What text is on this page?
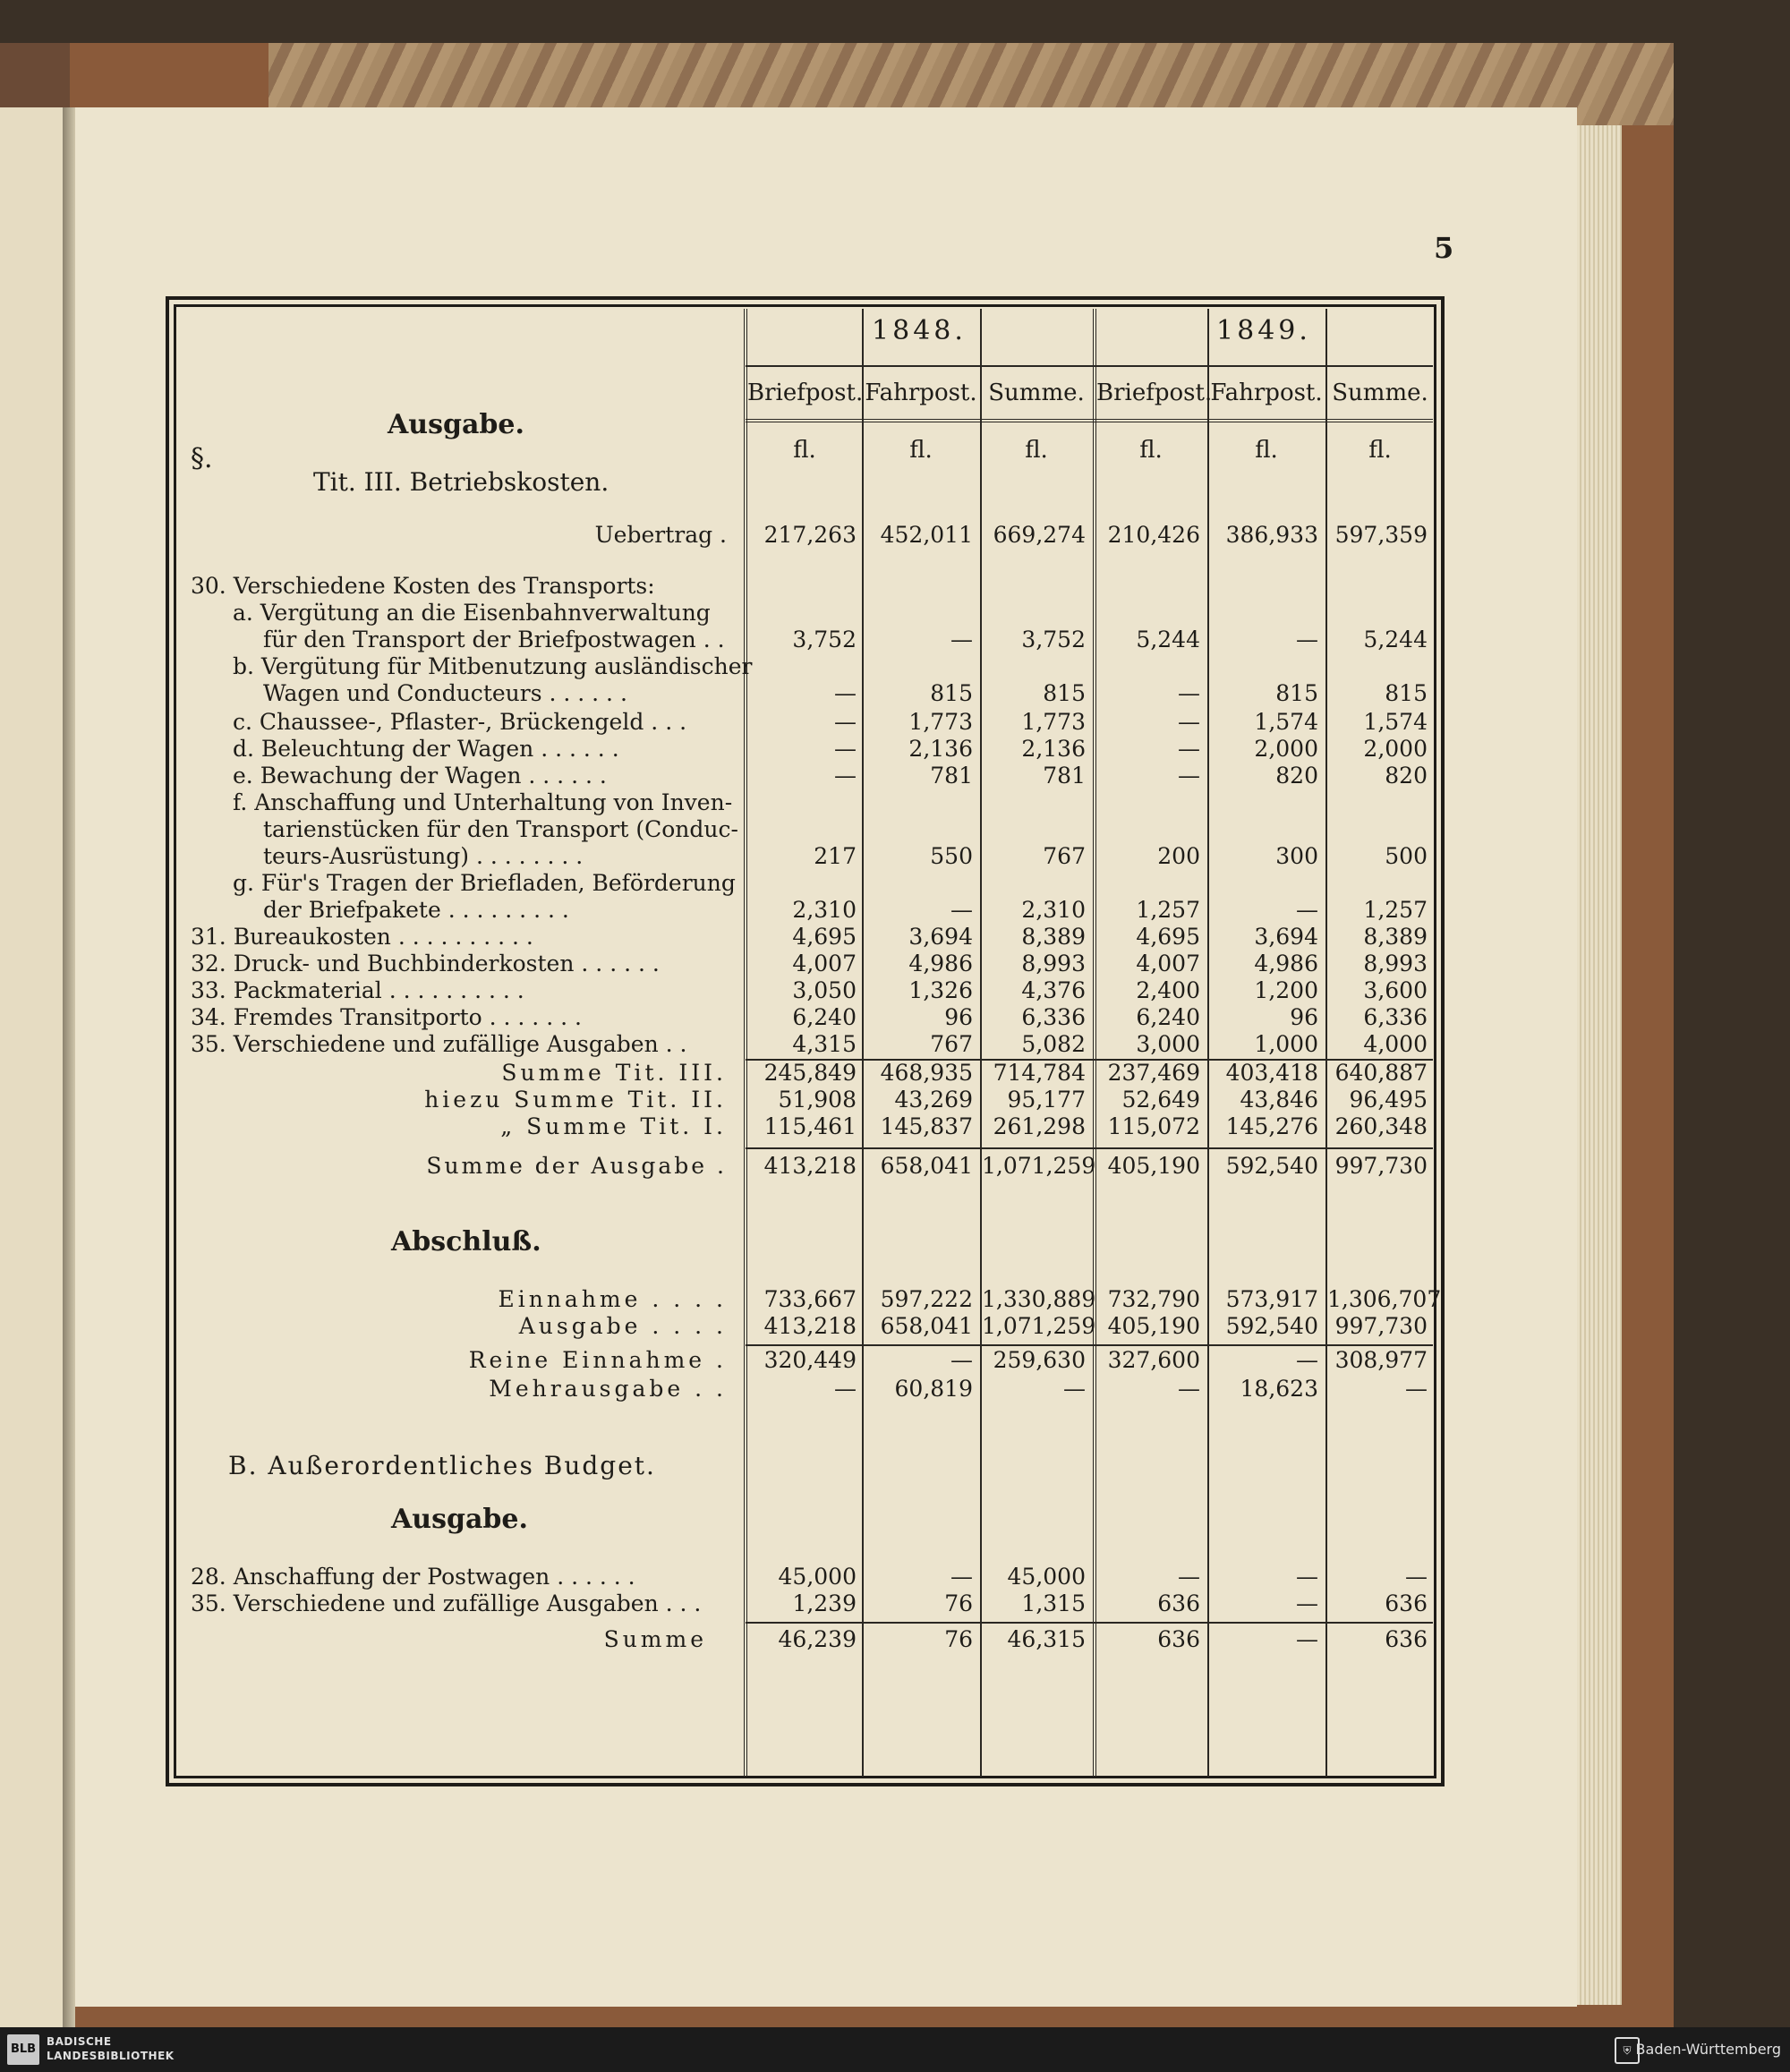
5
1848.	1849.
§.
Ausgabe.
Tit. III. Betriebskosten.
Abschluß.
B. Außerordentliches Budget.
Ausgabe.
BLB
BADISCHE
LANDESBIBLIOTHEK	⛨ Baden-Württemberg
Briefpost. Fahrpost. Summe. Briefpost.
Fahrpost. Summe.
fl.	fl.	fl.	fl.	fl.	fl.
Uebertrag .	217,263	452,011 669,274 210,426	386,933 597,359
30. Verschiedene Kosten des Transports:
a. Vergütung an die Eisenbahnverwaltung
für den Transport der Briefpostwagen . .	3,752	—	3,752	5,244	—	5,244
b. Vergütung für Mitbenutzung ausländischer
Wagen und Conducteurs . . . . . .	—	815	815	—	815	815
c. Chaussee-, Pflaster-, Brückengeld . . .	—	1,773	1,773	—	1,574	1,574
d. Beleuchtung der Wagen . . . . . .	—	2,136	2,136	—	2,000	2,000
e. Bewachung der Wagen . . . . . .	—	781	781	—	820	820
f. Anschaffung und Unterhaltung von Inven-
tarienstücken für den Transport (Conduc-
teurs-Ausrüstung) . . . . . . . .	217	550	767	200	300	500
g. Für's Tragen der Briefladen, Beförderung
der Briefpakete . . . . . . . . .	2,310	—	2,310	1,257	—	1,257
31. Bureaukosten . . . . . . . . . .	4,695	3,694	8,389	4,695	3,694	8,389
32. Druck- und Buchbinderkosten . . . . . .	4,007	4,986	8,993	4,007	4,986	8,993
33. Packmaterial . . . . . . . . . .	3,050	1,326	4,376	2,400	1,200	3,600
34. Fremdes Transitporto . . . . . . .	6,240	96	6,336	6,240	96	6,336
35. Verschiedene und zufällige Ausgaben . .	4,315	767	5,082	3,000	1,000	4,000
Summe Tit. III.	245,849	468,935 714,784 237,469	403,418 640,887
hiezu Summe Tit. II.	51,908	43,269	95,177	52,649	43,846	96,495
„ Summe Tit. I.	115,461	145,837 261,298 115,072	145,276 260,348
Summe der Ausgabe .	413,218	658,041 1,071,259 405,190	592,540 997,730
Einnahme . . . .	733,667	597,222 1,330,889 732,790	573,917 1,306,707
Ausgabe . . . .	413,218	658,041 1,071,259 405,190	592,540 997,730
Reine Einnahme .	320,449	— 259,630 327,600	— 308,977
Mehrausgabe . .	—	60,819	—	—	18,623	—
28. Anschaffung der Postwagen . . . . . .	45,000	—	45,000	—	—	—
35. Verschiedene und zufällige Ausgaben . . .	1,239	76	1,315	636	—	636
Summe	46,239	76	46,315	636	—	636
